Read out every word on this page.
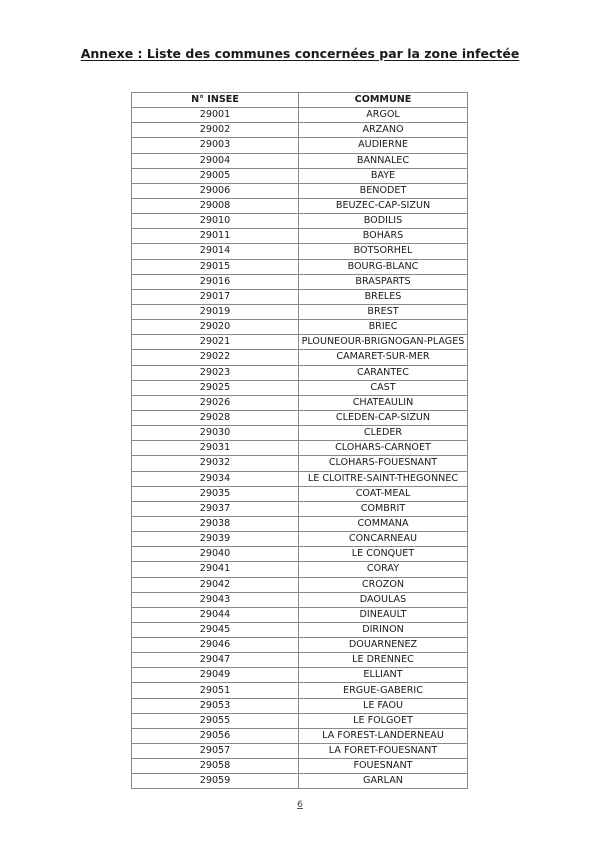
Annexe : Liste des communes concernées par la zone infectée
N° INSEE	COMMUNE
29001	ARGOL
29002	ARZANO
29003	AUDIERNE
29004	BANNALEC
29005	BAYE
29006	BENODET
29008	BEUZEC-CAP-SIZUN
29010	BODILIS
29011	BOHARS
29014	BOTSORHEL
29015	BOURG-BLANC
29016	BRASPARTS
29017	BRELES
29019	BREST
29020	BRIEC
29021	PLOUNEOUR-BRIGNOGAN-PLAGES
29022	CAMARET-SUR-MER
29023	CARANTEC
29025	CAST
29026	CHATEAULIN
29028	CLEDEN-CAP-SIZUN
29030	CLEDER
29031	CLOHARS-CARNOET
29032	CLOHARS-FOUESNANT
29034	LE CLOITRE-SAINT-THEGONNEC
29035	COAT-MEAL
29037	COMBRIT
29038	COMMANA
29039	CONCARNEAU
29040	LE CONQUET
29041	CORAY
29042	CROZON
29043	DAOULAS
29044	DINEAULT
29045	DIRINON
29046	DOUARNENEZ
29047	LE DRENNEC
29049	ELLIANT
29051	ERGUE-GABERIC
29053	LE FAOU
29055	LE FOLGOET
29056	LA FOREST-LANDERNEAU
29057	LA FORET-FOUESNANT
29058	FOUESNANT
29059	GARLAN
6
